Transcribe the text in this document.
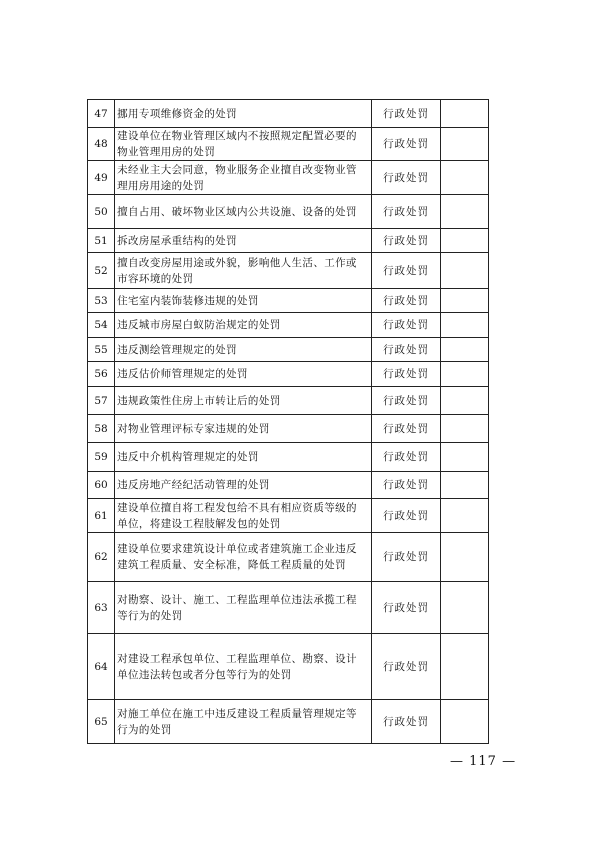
47	挪用专项维修资金的处罚	行政处罚	
48	建设单位在物业管理区域内不按照规定配置必要的物业管理用房的处罚	行政处罚	
49	未经业主大会同意，物业服务企业擅自改变物业管理用房用途的处罚	行政处罚	
50	擅自占用、破坏物业区域内公共设施、设备的处罚	行政处罚	
51	拆改房屋承重结构的处罚	行政处罚	
52	擅自改变房屋用途或外貌，影响他人生活、工作或市容环境的处罚	行政处罚	
53	住宅室内装饰装修违规的处罚	行政处罚	
54	违反城市房屋白蚁防治规定的处罚	行政处罚	
55	违反测绘管理规定的处罚	行政处罚	
56	违反估价师管理规定的处罚	行政处罚	
57	违规政策性住房上市转让后的处罚	行政处罚	
58	对物业管理评标专家违规的处罚	行政处罚	
59	违反中介机构管理规定的处罚	行政处罚	
60	违反房地产经纪活动管理的处罚	行政处罚	
61	建设单位擅自将工程发包给不具有相应资质等级的单位，将建设工程肢解发包的处罚	行政处罚	
62	建设单位要求建筑设计单位或者建筑施工企业违反建筑工程质量、安全标准，降低工程质量的处罚	行政处罚	
63	对勘察、设计、施工、工程监理单位违法承揽工程等行为的处罚	行政处罚	
64	对建设工程承包单位、工程监理单位、勘察、设计单位违法转包或者分包等行为的处罚	行政处罚	
65	对施工单位在施工中违反建设工程质量管理规定等行为的处罚	行政处罚	
— 117 —
